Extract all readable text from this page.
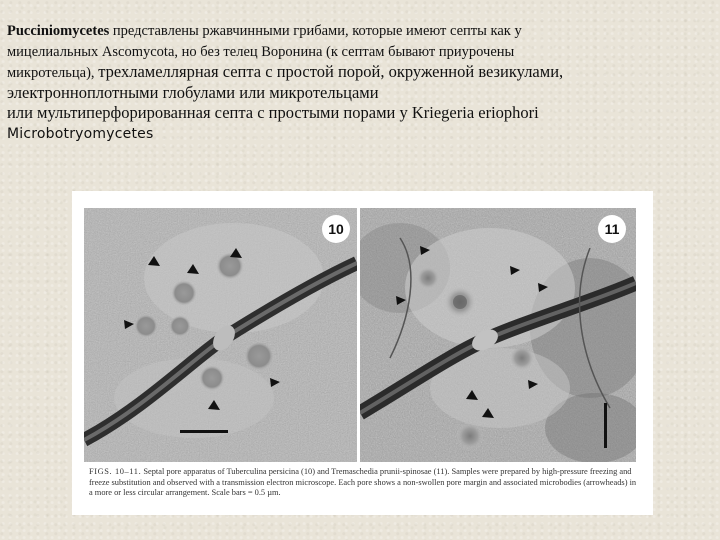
Pucciniomycetes представлены ржавчинными грибами, которые имеют септы как у
мицелиальных Ascomycota, но без телец Воронина (к септам бывают приурочены
микротельца), трехламеллярная септа с простой порой, окруженной везикулами,
электронноплотными глобулами или микротельцами
или мультиперфорированная септа с простыми порами у Kriegeria eriophori
Microbotryomycetes
10	11
FIGS. 10–11. Septal pore apparatus of Tuberculina persicina (10) and Tremaschedia prunii-spinosae (11). Samples were prepared by high-pressure freezing and freeze substitution and observed with a transmission electron microscope. Each pore shows a non-swollen pore margin and associated microbodies (arrowheads) in a more or less circular arrangement. Scale bars = 0.5 µm.
